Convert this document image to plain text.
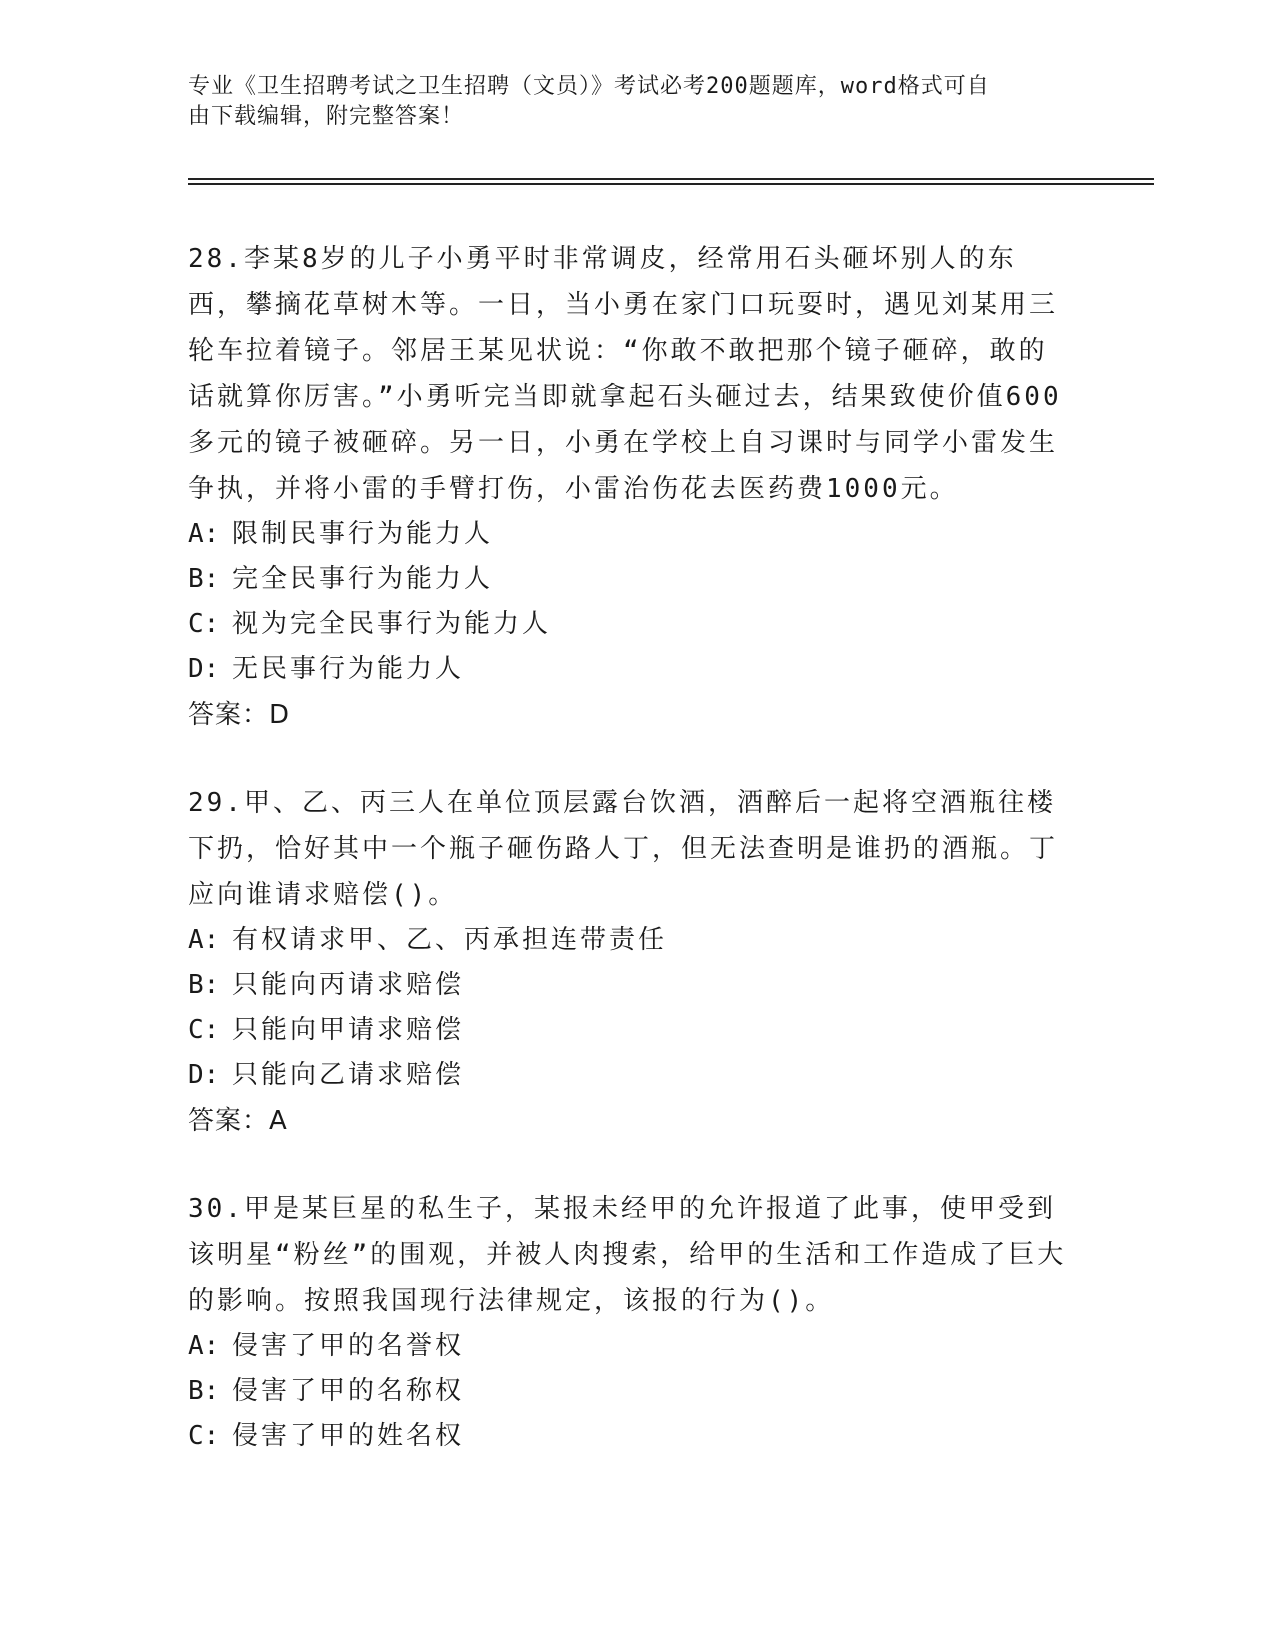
专业《卫生招聘考试之卫生招聘（文员）》考试必考200题题库，word格式可自
由下载编辑，附完整答案！
28.李某8岁的儿子小勇平时非常调皮，经常用石头砸坏别人的东西，攀摘花草树木等。一日，当小勇在家门口玩耍时，遇见刘某用三轮车拉着镜子。邻居王某见状说：“你敢不敢把那个镜子砸碎，敢的话就算你厉害。”小勇听完当即就拿起石头砸过去，结果致使价值600多元的镜子被砸碎。另一日，小勇在学校上自习课时与同学小雷发生争执，并将小雷的手臂打伤，小雷治伤花去医药费1000元。
A: 限制民事行为能力人
B: 完全民事行为能力人
C: 视为完全民事行为能力人
D: 无民事行为能力人
答案：D
29.甲、乙、丙三人在单位顶层露台饮酒，酒醉后一起将空酒瓶往楼下扔，恰好其中一个瓶子砸伤路人丁，但无法查明是谁扔的酒瓶。丁应向谁请求赔偿()。
A: 有权请求甲、乙、丙承担连带责任
B: 只能向丙请求赔偿
C: 只能向甲请求赔偿
D: 只能向乙请求赔偿
答案：A
30.甲是某巨星的私生子，某报未经甲的允许报道了此事，使甲受到该明星“粉丝”的围观，并被人肉搜索，给甲的生活和工作造成了巨大的影响。按照我国现行法律规定，该报的行为()。
A: 侵害了甲的名誉权
B: 侵害了甲的名称权
C: 侵害了甲的姓名权
